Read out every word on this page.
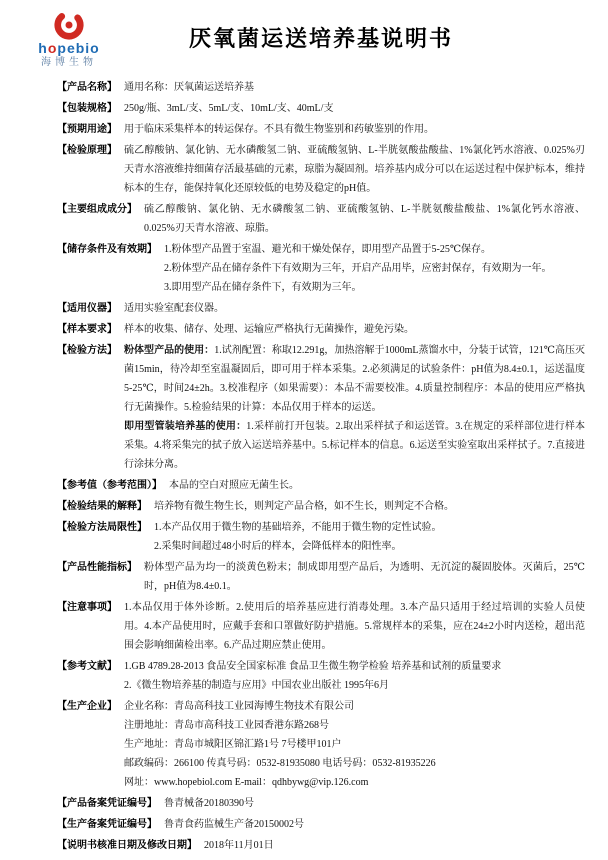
hopebio
海博生物
厌氧菌运送培养基说明书
【产品名称】 通用名称：厌氧菌运送培养基
【包装规格】 250g/瓶、3mL/支、5mL/支、10mL/支、40mL/支
【预期用途】 用于临床采集样本的转运保存。不具有微生物鉴别和药敏鉴别的作用。
【检验原理】 硫乙醇酸钠、氯化钠、无水磷酸氢二钠、亚硫酸氢钠、L-半胱氨酸盐酸盐、1%氯化钙水溶液、0.025%刃天青水溶液维持细菌存活最基础的元素，琼脂为凝固剂。培养基内成分可以在运送过程中保护标本，维持标本的生存，能保持氧化还原较低的电势及稳定的pH值。
【主要组成成分】 硫乙醇酸钠、氯化钠、无水磷酸氢二钠、亚硫酸氢钠、L-半胱氨酸盐酸盐、1%氯化钙水溶液、0.025%刃天青水溶液、琼脂。
【储存条件及有效期】 1.粉体型产品置于室温、避光和干燥处保存，即用型产品置于5-25℃保存。
2.粉体型产品在储存条件下有效期为三年，开启产品用毕，应密封保存，有效期为一年。
3.即用型产品在储存条件下，有效期为三年。
【适用仪器】 适用实验室配套仪器。
【样本要求】 样本的收集、储存、处理、运输应严格执行无菌操作，避免污染。
【检验方法】 粉体型产品的使用：1.试剂配置：称取12.291g，加热溶解于1000mL蒸馏水中，分装于试管，121℃高压灭菌15min，待冷却至室温凝固后，即可用于样本采集。2.必须满足的试验条件：pH值为8.4±0.1，运送温度5-25℃，时间24±2h。3.校准程序（如果需要）：本品不需要校准。4.质量控制程序：本品的使用应严格执行无菌操作。5.检验结果的计算：本品仅用于样本的运送。
即用型管装培养基的使用：1.采样前打开包装。2.取出采样拭子和运送管。3.在规定的采样部位进行样本采集。4.将采集完的拭子放入运送培养基中。5.标记样本的信息。6.运送至实验室取出采样拭子。7.直接进行涂抹分离。
【参考值（参考范围）】 本品的空白对照应无菌生长。
【检验结果的解释】 培养物有微生物生长，则判定产品合格，如不生长，则判定不合格。
【检验方法局限性】 1.本产品仅用于微生物的基础培养，不能用于微生物的定性试验。
2.采集时间超过48小时后的样本，会降低样本的阳性率。
【产品性能指标】 粉体型产品为均一的淡黄色粉末；制成即用型产品后，为透明、无沉淀的凝固胶体。灭菌后，25℃时，pH值为8.4±0.1。
【注意事项】 1.本品仅用于体外诊断。2.使用后的培养基应进行消毒处理。3.本产品只适用于经过培训的实验人员使用。4.本产品使用时，应戴手套和口罩做好防护措施。5.常规样本的采集，应在24±2小时内送检，超出范围会影响细菌检出率。6.产品过期应禁止使用。
【参考文献】 1.GB 4789.28-2013 食品安全国家标准 食品卫生微生物学检验 培养基和试剂的质量要求
2.《微生物培养基的制造与应用》中国农业出版社 1995年6月
【生产企业】 企业名称：青岛高科技工业园海博生物技术有限公司
注册地址：青岛市高科技工业园香港东路268号
生产地址：青岛市城阳区锦汇路1号 7号楼甲101户
邮政编码：266100 传真号码：0532-81935080 电话号码：0532-81935226
网址：www.hopebiol.com E-mail：qdhbywg@vip.126.com
【产品备案凭证编号】 鲁青械备20180390号
【生产备案凭证编号】 鲁青食药监械生产备20150002号
【说明书核准日期及修改日期】 2018年11月01日
